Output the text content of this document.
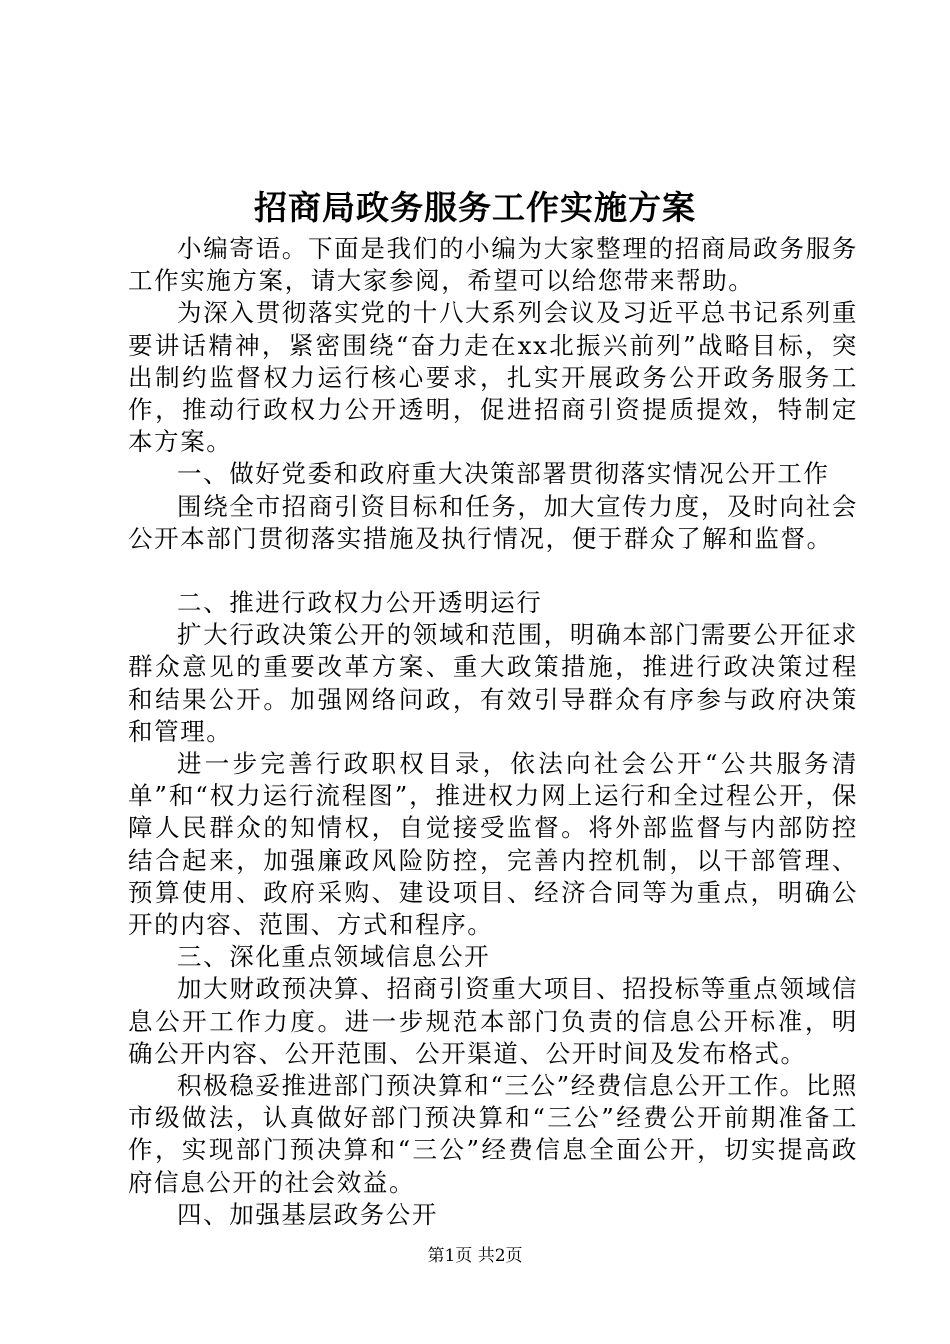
招商局政务服务工作实施方案

小编寄语。下面是我们的小编为大家整理的招商局政务服务工作实施方案，请大家参阅，希望可以给您带来帮助。

为深入贯彻落实党的十八大系列会议及习近平总书记系列重要讲话精神，紧密围绕“奋力走在xx北振兴前列”战略目标，突出制约监督权力运行核心要求，扎实开展政务公开政务服务工作，推动行政权力公开透明，促进招商引资提质提效，特制定本方案。

一、做好党委和政府重大决策部署贯彻落实情况公开工作

围绕全市招商引资目标和任务，加大宣传力度，及时向社会公开本部门贯彻落实措施及执行情况，便于群众了解和监督。

二、推进行政权力公开透明运行

扩大行政决策公开的领域和范围，明确本部门需要公开征求群众意见的重要改革方案、重大政策措施，推进行政决策过程和结果公开。加强网络问政，有效引导群众有序参与政府决策和管理。

进一步完善行政职权目录，依法向社会公开“公共服务清单”和“权力运行流程图”，推进权力网上运行和全过程公开，保障人民群众的知情权，自觉接受监督。将外部监督与内部防控结合起来，加强廉政风险防控，完善内控机制，以干部管理、预算使用、政府采购、建设项目、经济合同等为重点，明确公开的内容、范围、方式和程序。

三、深化重点领域信息公开

加大财政预决算、招商引资重大项目、招投标等重点领域信息公开工作力度。进一步规范本部门负责的信息公开标准，明确公开内容、公开范围、公开渠道、公开时间及发布格式。

积极稳妥推进部门预决算和“三公”经费信息公开工作。比照市级做法，认真做好部门预决算和“三公”经费公开前期准备工作，实现部门预决算和“三公”经费信息全面公开，切实提高政府信息公开的社会效益。

四、加强基层政务公开

第1页 共2页
